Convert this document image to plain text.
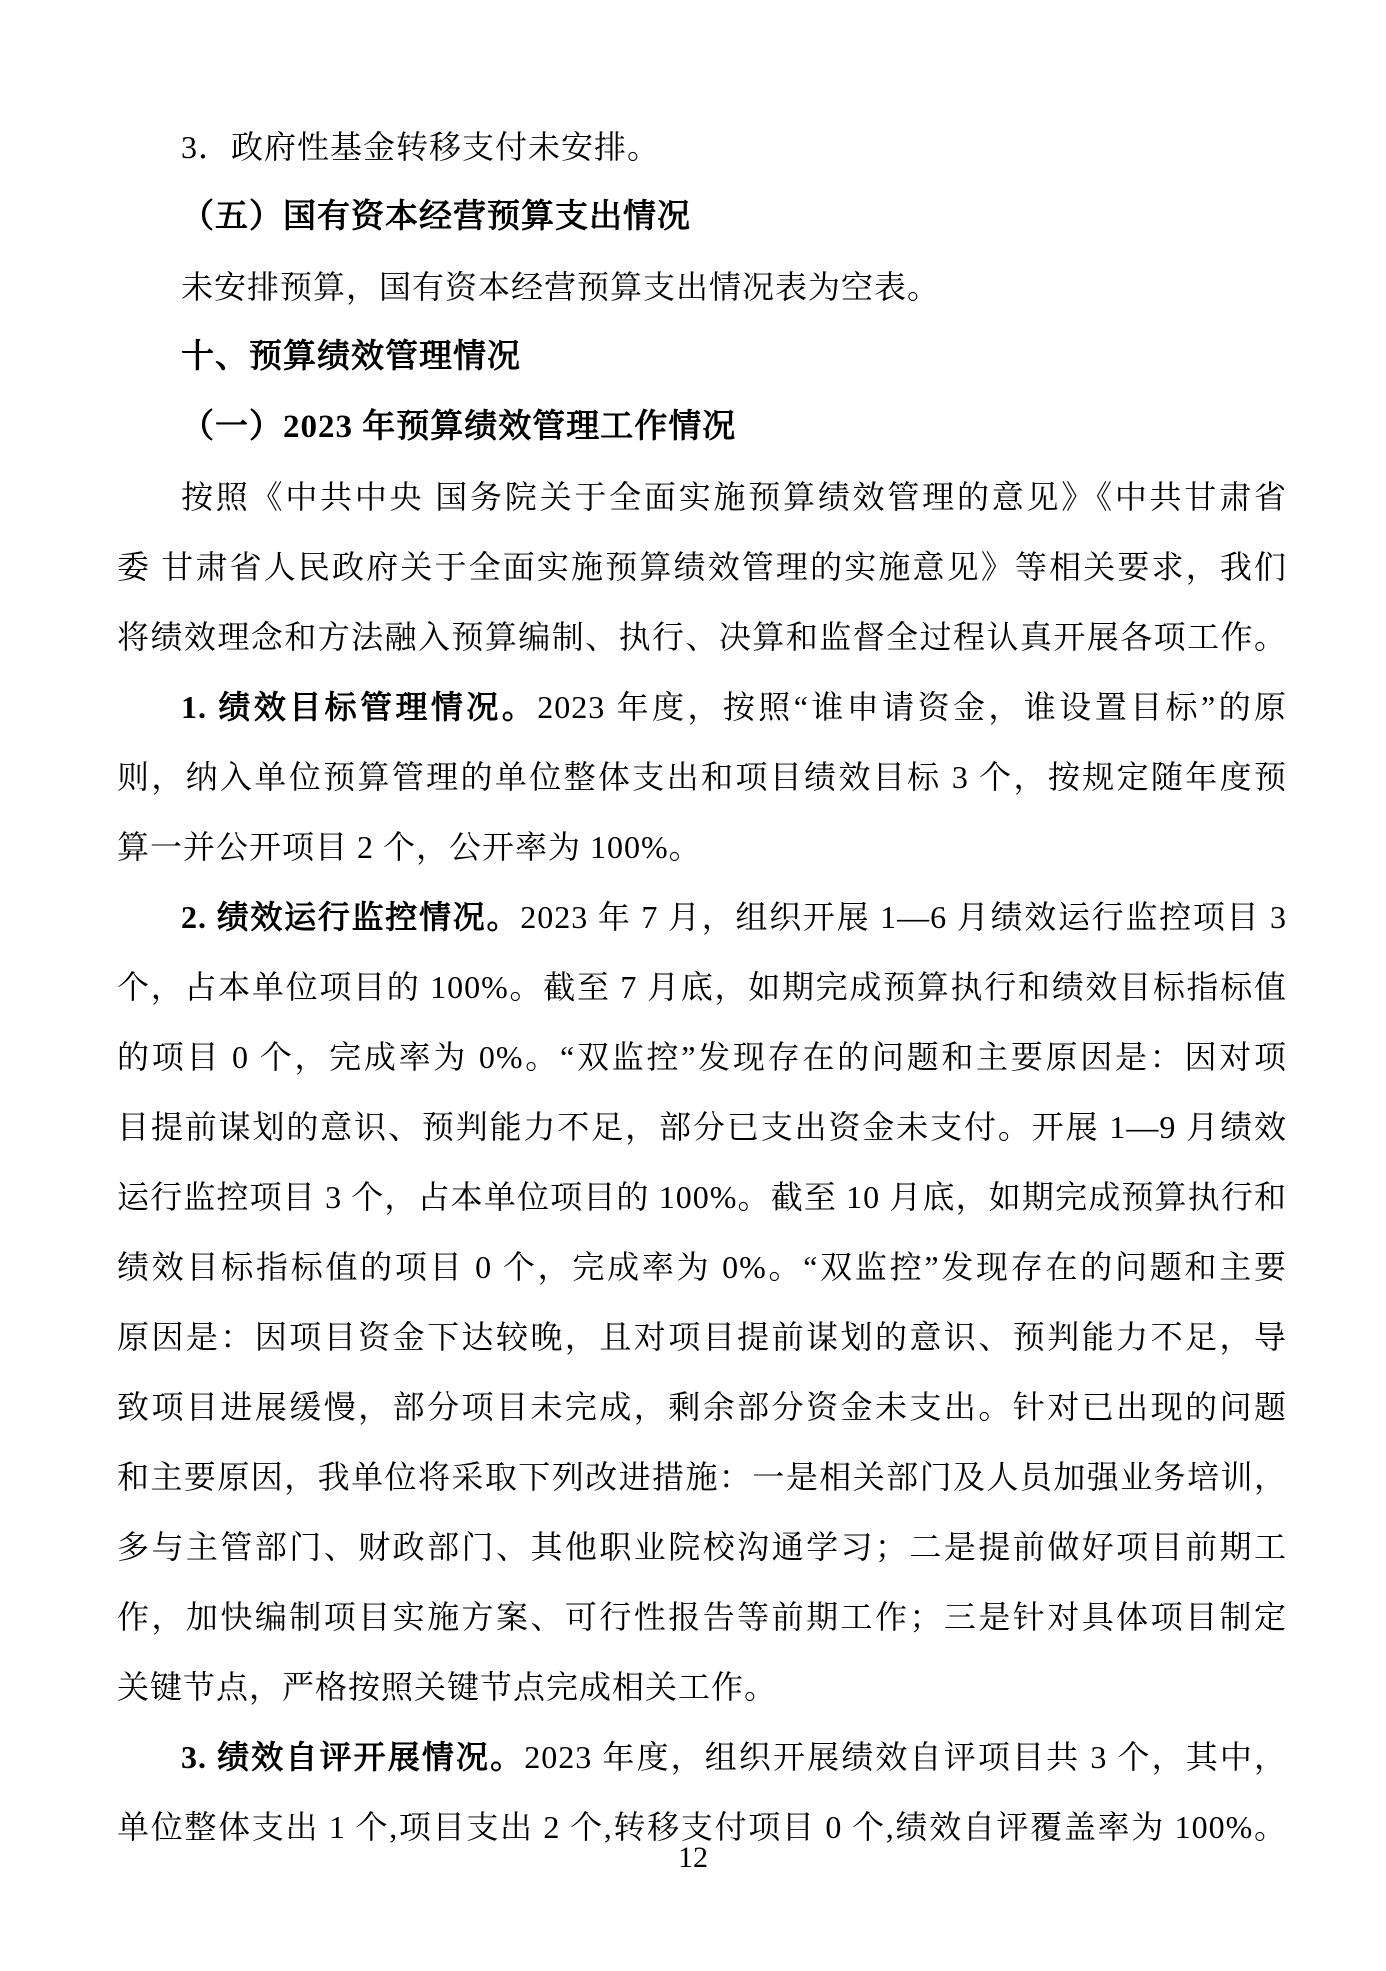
3．政府性基金转移支付未安排。
（五）国有资本经营预算支出情况
未安排预算，国有资本经营预算支出情况表为空表。
十、预算绩效管理情况
（一）2023 年预算绩效管理工作情况
按照《中共中央 国务院关于全面实施预算绩效管理的意见》《中共甘肃省
委 甘肃省人民政府关于全面实施预算绩效管理的实施意见》等相关要求，我们
将绩效理念和方法融入预算编制、执行、决算和监督全过程认真开展各项工作。
1. 绩效目标管理情况。2023 年度，按照“谁申请资金，谁设置目标”的原
则，纳入单位预算管理的单位整体支出和项目绩效目标 3 个，按规定随年度预
算一并公开项目 2 个，公开率为 100%。
2. 绩效运行监控情况。2023 年 7 月，组织开展 1—6 月绩效运行监控项目 3
个，占本单位项目的 100%。截至 7 月底，如期完成预算执行和绩效目标指标值
的项目 0 个，完成率为 0%。“双监控”发现存在的问题和主要原因是：因对项
目提前谋划的意识、预判能力不足，部分已支出资金未支付。开展 1—9 月绩效
运行监控项目 3 个，占本单位项目的 100%。截至 10 月底，如期完成预算执行和
绩效目标指标值的项目 0 个，完成率为 0%。“双监控”发现存在的问题和主要
原因是：因项目资金下达较晚，且对项目提前谋划的意识、预判能力不足，导
致项目进展缓慢，部分项目未完成，剩余部分资金未支出。针对已出现的问题
和主要原因，我单位将采取下列改进措施：一是相关部门及人员加强业务培训，
多与主管部门、财政部门、其他职业院校沟通学习；二是提前做好项目前期工
作，加快编制项目实施方案、可行性报告等前期工作；三是针对具体项目制定
关键节点，严格按照关键节点完成相关工作。
3. 绩效自评开展情况。2023 年度，组织开展绩效自评项目共 3 个，其中，
单位整体支出 1 个,项目支出 2 个,转移支付项目 0 个,绩效自评覆盖率为 100%。
12
